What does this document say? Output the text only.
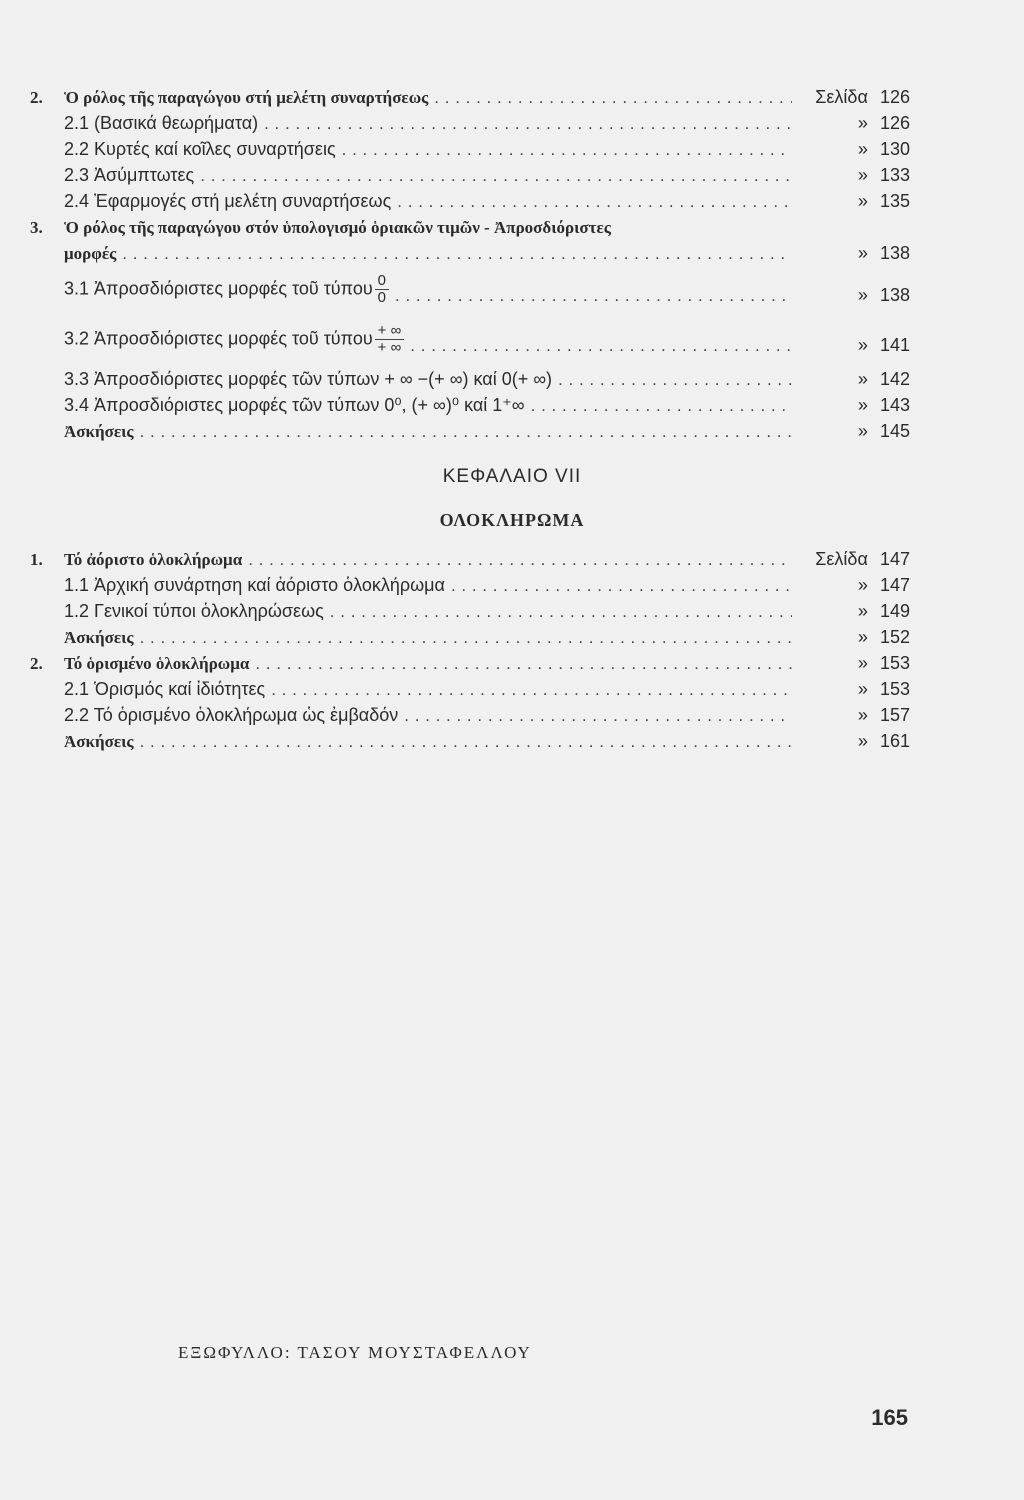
2. Ὁ ρόλος τῆς παραγώγου στή μελέτη συναρτήσεως . . .	Σελίδα 126
2.1 (Βασικά θεωρήματα) . . .	» 126
2.2 Κυρτές καί κοῖλες συναρτήσεις . . .	» 130
2.3 Ἀσύμπτωτες . . .	» 133
2.4 Ἐφαρμογές στή μελέτη συναρτήσεως . . .	» 135
3. Ὁ ρόλος τῆς παραγώγου στόν ὑπολογισμό ὁριακῶν τιμῶν - Ἀπροσδιόριστες
μορφές . . .	» 138
3.1 Ἀπροσδιόριστες μορφές τοῦ τύπου $\frac{0}{0}$ . . .	» 138
3.2 Ἀπροσδιόριστες μορφές τοῦ τύπου $\frac{+ \infty}{+ \infty}$ . . .	» 141
3.3 Ἀπροσδιόριστες μορφές τῶν τύπων + ∞ −(+ ∞) καί 0(+ ∞) . . .	» 142
3.4 Ἀπροσδιόριστες μορφές τῶν τύπων 0⁰, (+ ∞)⁰ καί 1⁺∞ . . .	» 143
Ἀσκήσεις . . .	» 145
ΚΕΦΑΛΑΙΟ VII
ΟΛΟΚΛΗΡΩΜΑ
1. Τό ἀόριστο ὁλοκλήρωμα . . .	Σελίδα 147
1.1 Ἀρχική συνάρτηση καί ἀόριστο ὁλοκλήρωμα . . .	» 147
1.2 Γενικοί τύποι ὁλοκληρώσεως . . .	» 149
Ἀσκήσεις . . .	» 152
2. Τό ὁρισμένο ὁλοκλήρωμα . . .	» 153
2.1 Ὁρισμός καί ἰδιότητες . . .	» 153
2.2 Τό ὁρισμένο ὁλοκλήρωμα ὡς ἐμβαδόν . . .	» 157
Ἀσκήσεις . . .	» 161
ΕΞΩΦΥΛΛΟ: ΤΑΣΟΥ ΜΟΥΣΤΑΦΕΛΛΟΥ
165
